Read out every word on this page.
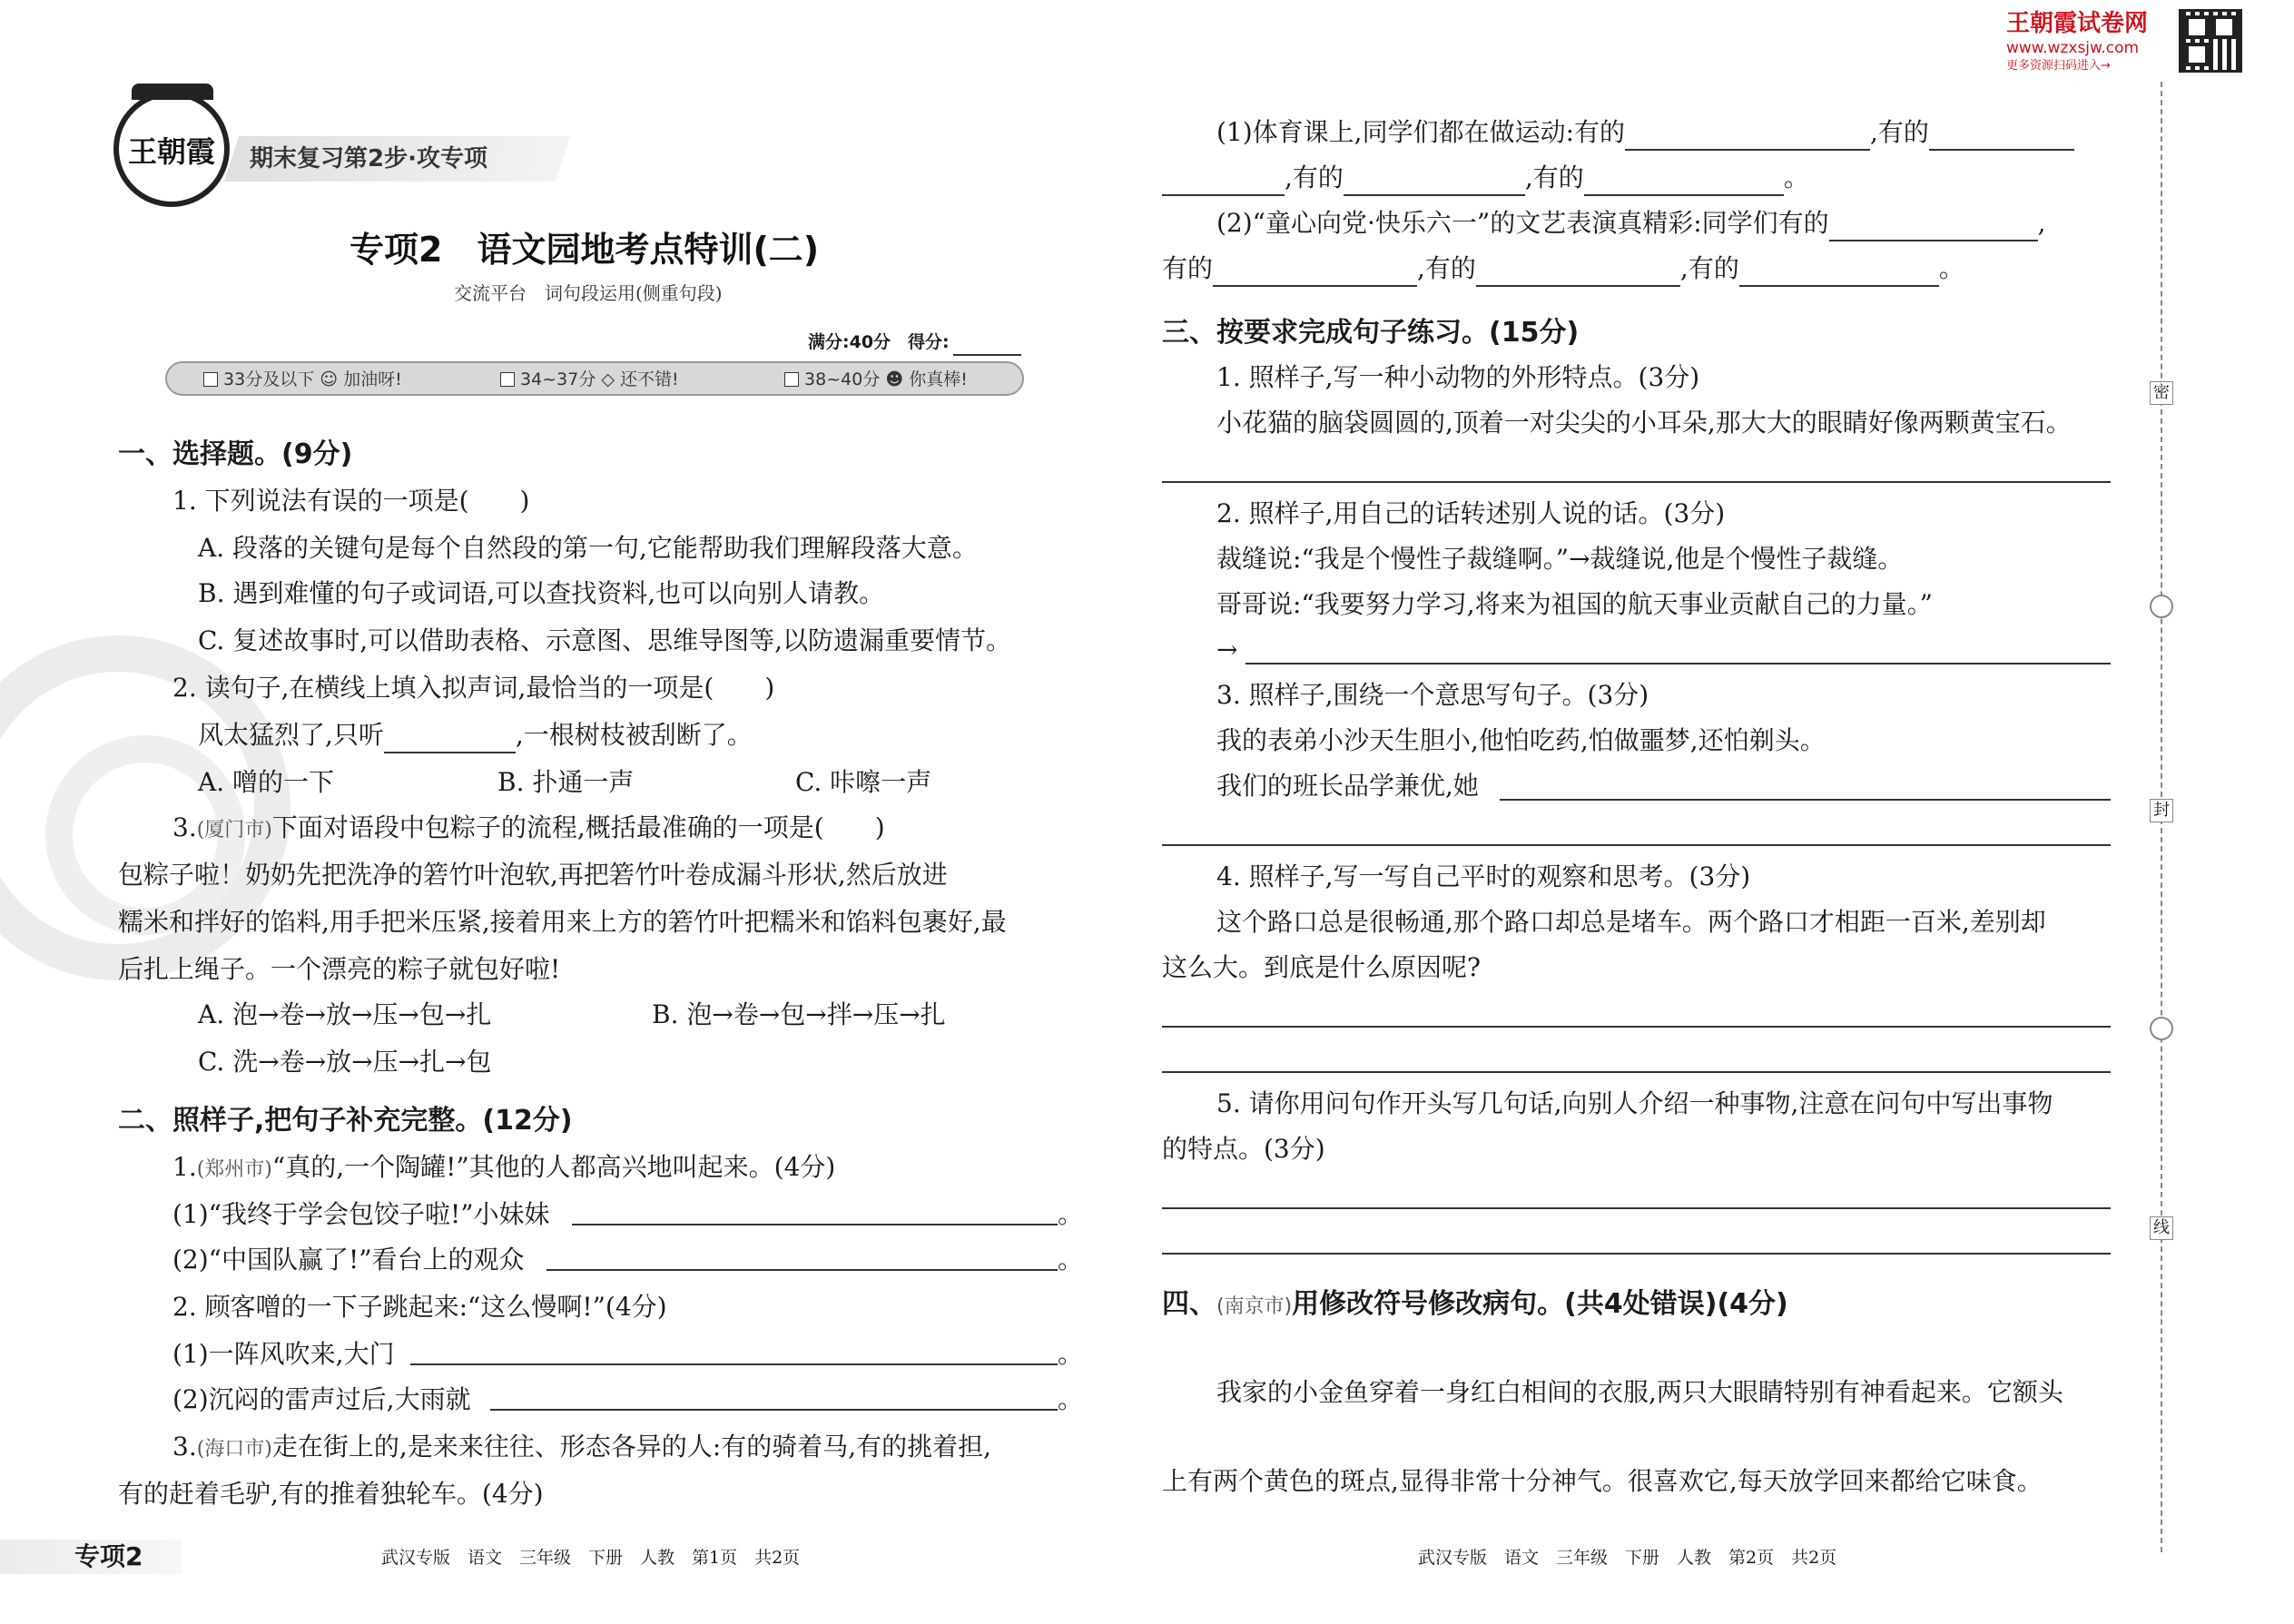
王朝霞	期末复习第2步·攻专项
专项2　语文园地考点特训(二)
交流平台　词句段运用(侧重句段)
满分:40分 得分:
33分及以下 ☺ 加油呀!	34~37分 ◇ 还不错!	38~40分 ☻ 你真棒!
一、选择题。(9分)
1. 下列说法有误的一项是(　　)
A. 段落的关键句是每个自然段的第一句,它能帮助我们理解段落大意。
B. 遇到难懂的句子或词语,可以查找资料,也可以向别人请教。
C. 复述故事时,可以借助表格、示意图、思维导图等,以防遗漏重要情节。
2. 读句子,在横线上填入拟声词,最恰当的一项是(　　)
风太猛烈了,只听	,一根树枝被刮断了。
A. 噌的一下	B. 扑通一声	C. 咔嚓一声
3.(厦门市)下面对语段中包粽子的流程,概括最准确的一项是(　　)
包粽子啦！奶奶先把洗净的箬竹叶泡软,再把箬竹叶卷成漏斗形状,然后放进
糯米和拌好的馅料,用手把米压紧,接着用来上方的箬竹叶把糯米和馅料包裹好,最
后扎上绳子。一个漂亮的粽子就包好啦!
A. 泡→卷→放→压→包→扎	B. 泡→卷→包→拌→压→扎
C. 洗→卷→放→压→扎→包
二、照样子,把句子补充完整。(12分)
1.(郑州市)“真的,一个陶罐!”其他的人都高兴地叫起来。(4分)
(1)“我终于学会包饺子啦!”小妹妹	。
(2)“中国队赢了!”看台上的观众	。
2. 顾客噌的一下子跳起来:“这么慢啊!”(4分)
(1)一阵风吹来,大门	。
(2)沉闷的雷声过后,大雨就	。
3.(海口市)走在街上的,是来来往往、形态各异的人:有的骑着马,有的挑着担,
有的赶着毛驴,有的推着独轮车。(4分)
专项2	武汉专版　语文　三年级　下册　人教　第1页　共2页
王朝霞试卷网
www.wzxsjw.com
更多资源扫码进入→
密
封
线
(1)体育课上,同学们都在做运动:有的	,有的
,有的	,有的	。
(2)“童心向党·快乐六一”的文艺表演真精彩:同学们有的	,
有的	,有的	,有的	。
三、按要求完成句子练习。(15分)
1. 照样子,写一种小动物的外形特点。(3分)
小花猫的脑袋圆圆的,顶着一对尖尖的小耳朵,那大大的眼睛好像两颗黄宝石。
2. 照样子,用自己的话转述别人说的话。(3分)
裁缝说:“我是个慢性子裁缝啊。”→裁缝说,他是个慢性子裁缝。
哥哥说:“我要努力学习,将来为祖国的航天事业贡献自己的力量。”
→
3. 照样子,围绕一个意思写句子。(3分)
我的表弟小沙天生胆小,他怕吃药,怕做噩梦,还怕剃头。
我们的班长品学兼优,她
4. 照样子,写一写自己平时的观察和思考。(3分)
这个路口总是很畅通,那个路口却总是堵车。两个路口才相距一百米,差别却
这么大。到底是什么原因呢?
5. 请你用问句作开头写几句话,向别人介绍一种事物,注意在问句中写出事物
的特点。(3分)
四、(南京市)用修改符号修改病句。(共4处错误)(4分)
我家的小金鱼穿着一身红白相间的衣服,两只大眼睛特别有神看起来。它额头
上有两个黄色的斑点,显得非常十分神气。很喜欢它,每天放学回来都给它味食。
武汉专版　语文　三年级　下册　人教　第2页　共2页
